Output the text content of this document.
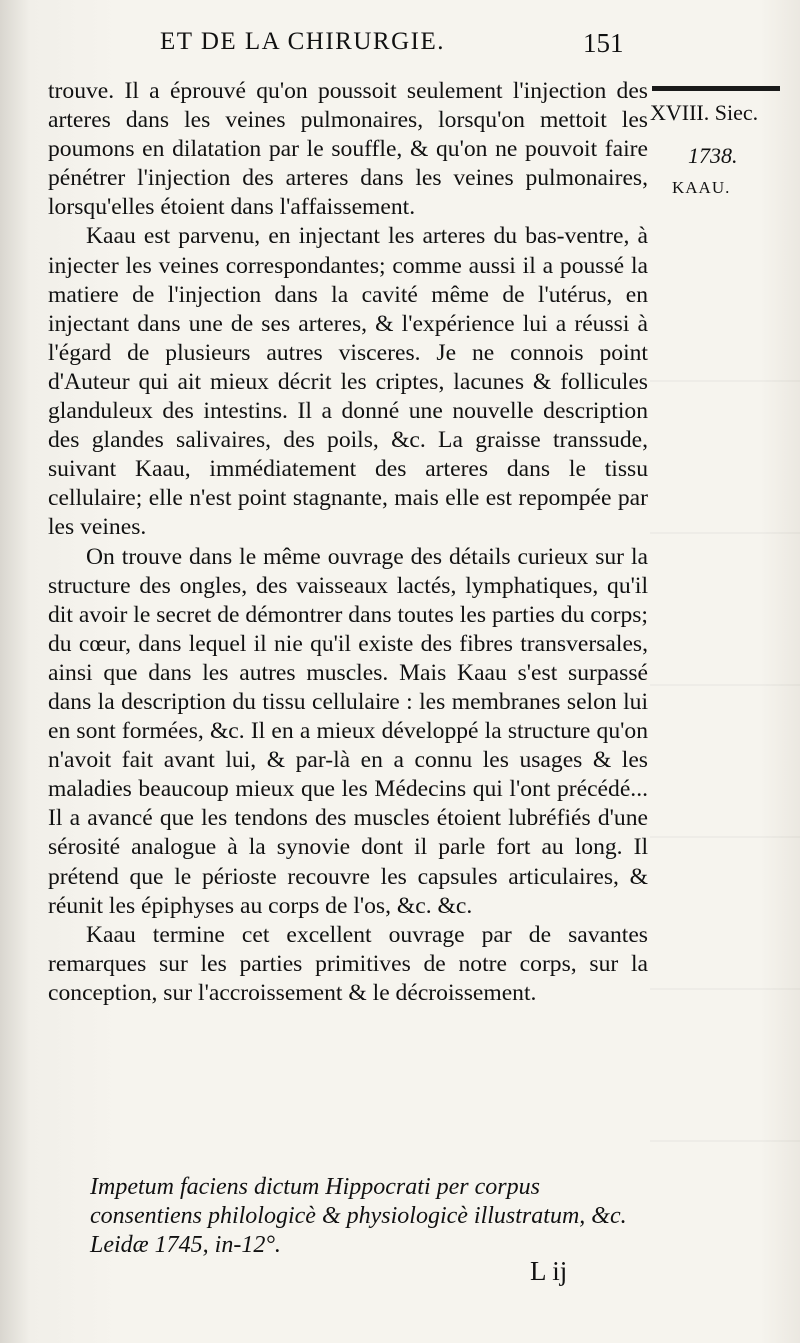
ET DE LA CHIRURGIE.	151
XVIII. Siec.
1738.
KAAU.

trouve. Il a éprouvé qu'on poussoit seulement l'injection des arteres dans les veines pulmonaires, lorsqu'on mettoit les poumons en dilatation par le souffle, & qu'on ne pouvoit faire pénétrer l'injection des arteres dans les veines pulmonaires, lorsqu'elles étoient dans l'affaissement.

Kaau est parvenu, en injectant les arteres du bas-ventre, à injecter les veines correspondantes; comme aussi il a poussé la matiere de l'injection dans la cavité même de l'utérus, en injectant dans une de ses arteres, & l'expérience lui a réussi à l'égard de plusieurs autres visceres. Je ne connois point d'Auteur qui ait mieux décrit les criptes, lacunes & follicules glanduleux des intestins. Il a donné une nouvelle description des glandes salivaires, des poils, &c. La graisse transsude, suivant Kaau, immédiatement des arteres dans le tissu cellulaire; elle n'est point stagnante, mais elle est repompée par les veines.

On trouve dans le même ouvrage des détails curieux sur la structure des ongles, des vaisseaux lactés, lymphatiques, qu'il dit avoir le secret de démontrer dans toutes les parties du corps; du cœur, dans lequel il nie qu'il existe des fibres transversales, ainsi que dans les autres muscles. Mais Kaau s'est surpassé dans la description du tissu cellulaire : les membranes selon lui en sont formées, &c. Il en a mieux développé la structure qu'on n'avoit fait avant lui, & par-là en a connu les usages & les maladies beaucoup mieux que les Médecins qui l'ont précédé... Il a avancé que les tendons des muscles étoient lubréfiés d'une sérosité analogue à la synovie dont il parle fort au long. Il prétend que le périoste recouvre les capsules articulaires, & réunit les épiphyses au corps de l'os, &c. &c.

Kaau termine cet excellent ouvrage par de savantes remarques sur les parties primitives de notre corps, sur la conception, sur l'accroissement & le décroissement.

Impetum faciens dictum Hippocrati per corpus consentiens philologicè & physiologicè illustratum, &c. Leidæ 1745, in-12°.
L ij
